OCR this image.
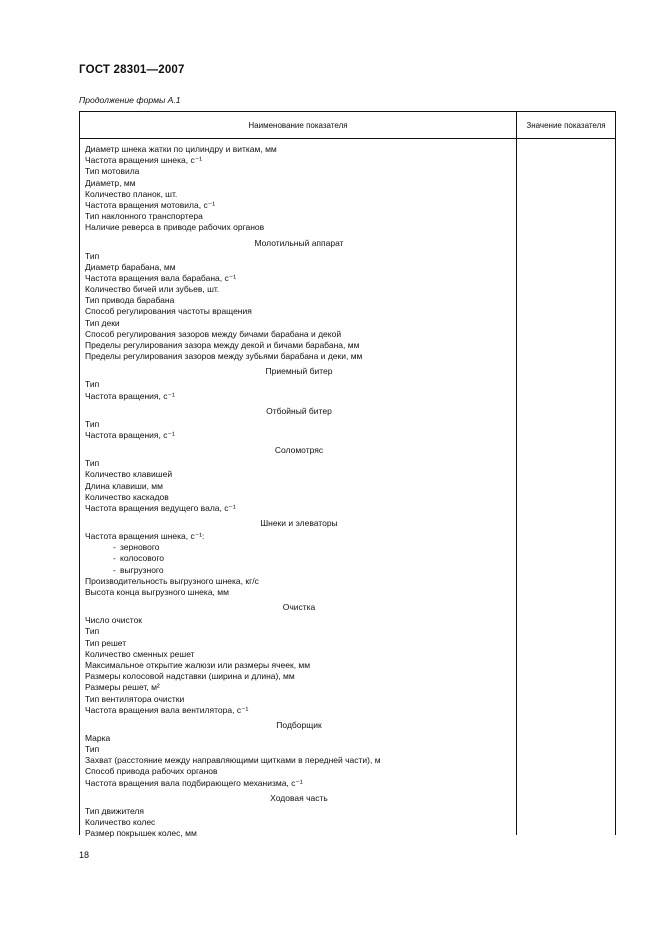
ГОСТ 28301—2007
Продолжение формы А.1
Наименование показателя	Значение показателя
Диаметр шнека жатки по цилиндру и виткам, мм
Частота вращения шнека, с⁻¹
Тип мотовила
Диаметр, мм
Количество планок, шт.
Частота вращения мотовила, с⁻¹
Тип наклонного транспортера
Наличие реверса в приводе рабочих органов
Молотильный аппарат
Тип
Диаметр барабана, мм
Частота вращения вала барабана, с⁻¹
Количество бичей или зубьев, шт.
Тип привода барабана
Способ регулирования частоты вращения
Тип деки
Способ регулирования зазоров между бичами барабана и декой
Пределы регулирования зазора между декой и бичами барабана, мм
Пределы регулирования зазоров между зубьями барабана и деки, мм
Приемный битер
Тип
Частота вращения, с⁻¹
Отбойный битер
Тип
Частота вращения, с⁻¹
Соломотряс
Тип
Количество клавишей
Длина клавиши, мм
Количество каскадов
Частота вращения ведущего вала, с⁻¹
Шнеки и элеваторы
Частота вращения шнека, с⁻¹:
- зернового
- колосового
- выгрузного
Производительность выгрузного шнека, кг/с
Высота конца выгрузного шнека, мм
Очистка
Число очисток
Тип
Тип решет
Количество сменных решет
Максимальное открытие жалюзи или размеры ячеек, мм
Размеры колосовой надставки (ширина и длина), мм
Размеры решет, м²
Тип вентилятора очистки
Частота вращения вала вентилятора, с⁻¹
Подборщик
Марка
Тип
Захват (расстояние между направляющими щитками в передней части), м
Способ привода рабочих органов
Частота вращения вала подбирающего механизма, с⁻¹
Ходовая часть
Тип движителя
Количество колес
Размер покрышек колес, мм
18
